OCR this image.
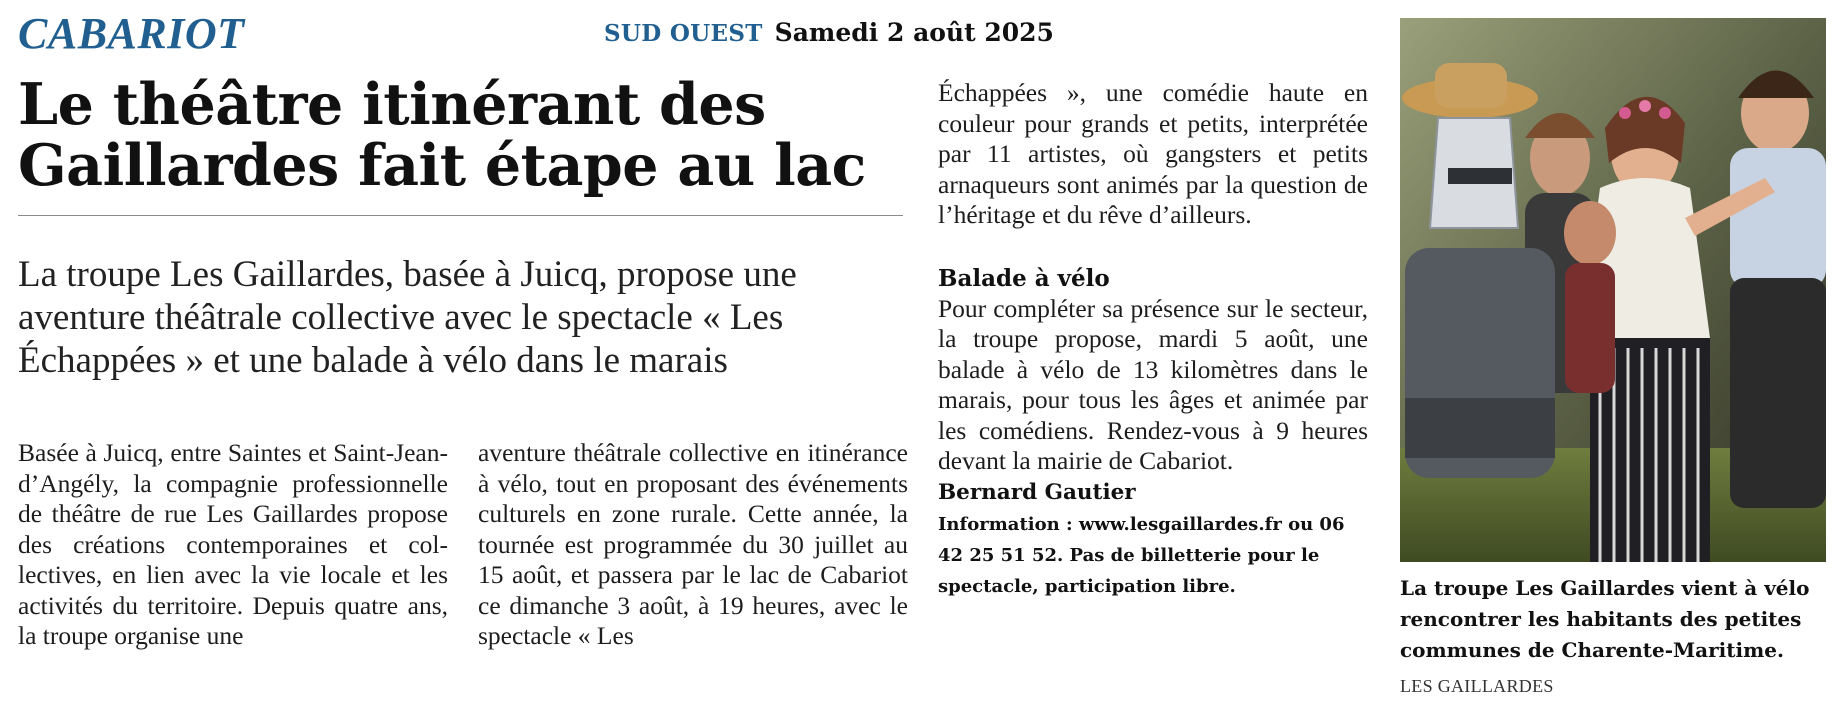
CABARIOT	SUD OUEST Samedi 2 août 2025
Le théâtre itinérant des
Gaillardes fait étape au lac

La troupe Les Gaillardes, basée à Juicq, propose une aventure théâtrale collective avec le spectacle « Les Échappées » et une balade à vélo dans le marais

Basée à Juicq, entre Saintes et Saint-Jean-d’Angély, la compagnie professionnelle de théâtre de rue Les Gaillardes propose des créations contemporaines et collectives, en lien avec la vie locale et les activités du territoire. Depuis quatre ans, la troupe organise une

aventure théâtrale collective en itinérance à vélo, tout en proposant des événements culturels en zone rurale. Cette année, la tournée est programmée du 30 juillet au 15 août, et passera par le lac de Cabariot ce dimanche 3 août, à 19 heures, avec le spectacle « Les

Échappées », une comédie haute en couleur pour grands et petits, interprétée par 11 artistes, où gangsters et petits arnaqueurs sont animés par la question de l’héritage et du rêve d’ailleurs.

Balade à vélo

Pour compléter sa présence sur le secteur, la troupe propose, mardi 5 août, une balade à vélo de 13 kilomètres dans le marais, pour tous les âges et animée par les comédiens. Rendez-vous à 9 heures devant la mairie de Cabariot.

Bernard Gautier

Information : www.lesgaillardes.fr ou 06 42 25 51 52. Pas de billetterie pour le spectacle, participation libre.	La troupe Les Gaillardes vient à vélo rencontrer les habitants des petites communes de Charente-Maritime.

LES GAILLARDES
